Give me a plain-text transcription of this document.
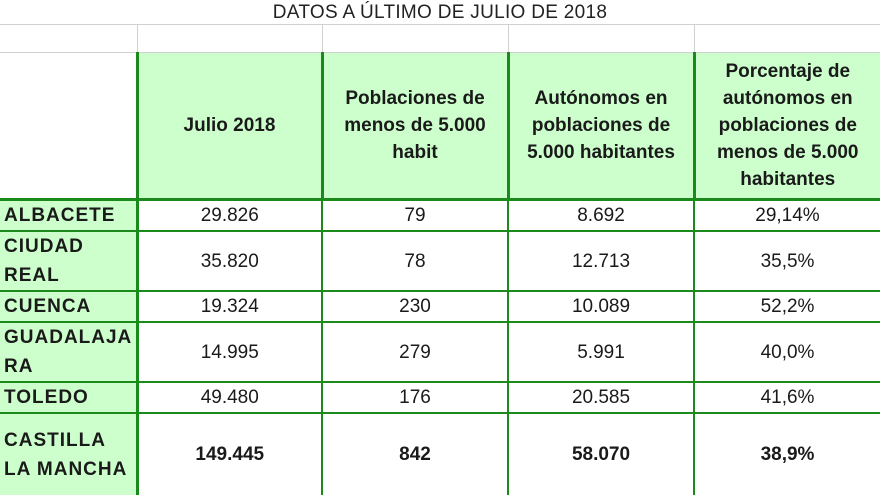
DATOS A ÚLTIMO DE JULIO DE 2018				

	Julio 2018	Poblaciones de menos de 5.000 habit	Autónomos en poblaciones de 5.000 habitantes	Porcentaje de autónomos en poblaciones de menos de 5.000 habitantes
ALBACETE	29.826	79	8.692	29,14%
CIUDAD REAL	35.820	78	12.713	35,5%
CUENCA	19.324	230	10.089	52,2%
GUADALAJARA	14.995	279	5.991	40,0%
TOLEDO	49.480	176	20.585	41,6%
CASTILLA LA MANCHA	149.445	842	58.070	38,9%
